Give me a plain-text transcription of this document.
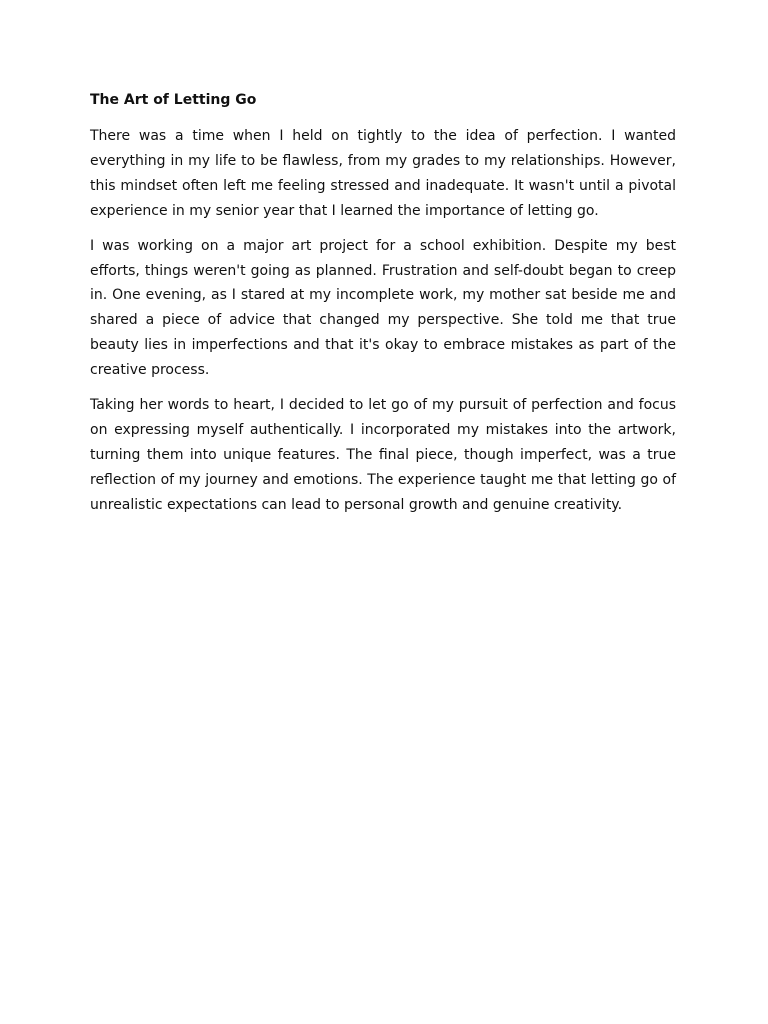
The Art of Letting Go

There was a time when I held on tightly to the idea of perfection. I wanted everything in my life to be flawless, from my grades to my relationships. However, this mindset often left me feeling stressed and inadequate. It wasn't until a pivotal experience in my senior year that I learned the importance of letting go.

I was working on a major art project for a school exhibition. Despite my best efforts, things weren't going as planned. Frustration and self-doubt began to creep in. One evening, as I stared at my incomplete work, my mother sat beside me and shared a piece of advice that changed my perspective. She told me that true beauty lies in imperfections and that it's okay to embrace mistakes as part of the creative process.

Taking her words to heart, I decided to let go of my pursuit of perfection and focus on expressing myself authentically. I incorporated my mistakes into the artwork, turning them into unique features. The final piece, though imperfect, was a true reflection of my journey and emotions. The experience taught me that letting go of unrealistic expectations can lead to personal growth and genuine creativity.
